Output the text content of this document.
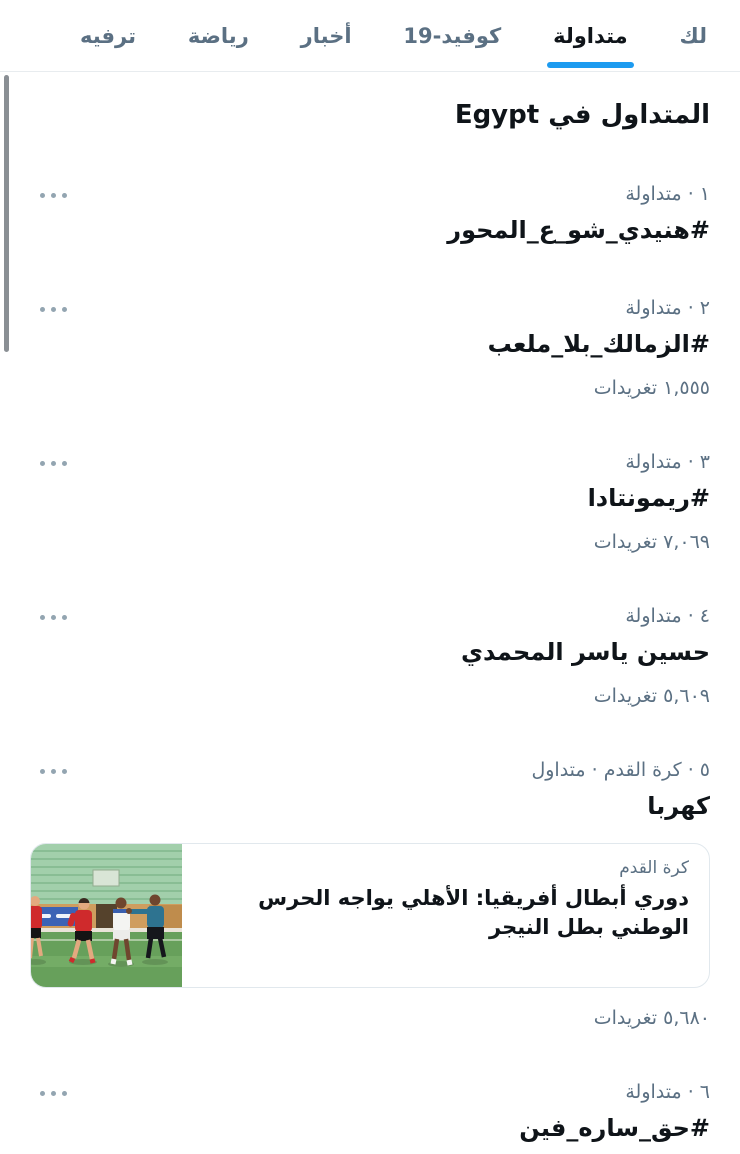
لك
متداولة
كوفيد-19
أخبار
رياضة
ترفيه
المتداول في Egypt
١ · متداولة
#هنيدي_شو_ع_المحور
٢ · متداولة
#الزمالك_بلا_ملعب
١,٥٥٥ تغريدات
٣ · متداولة
#ريمونتادا
٧,٠٦٩ تغريدات
٤ · متداولة
حسين ياسر المحمدي
٥,٦٠٩ تغريدات
٥ · كرة القدم · متداول
كهربا
كرة القدم
دوري أبطال أفريقيا: الأهلي يواجه الحرس الوطني بطل النيجر
٥,٦٨٠ تغريدات
٦ · متداولة
#حق_ساره_فين
